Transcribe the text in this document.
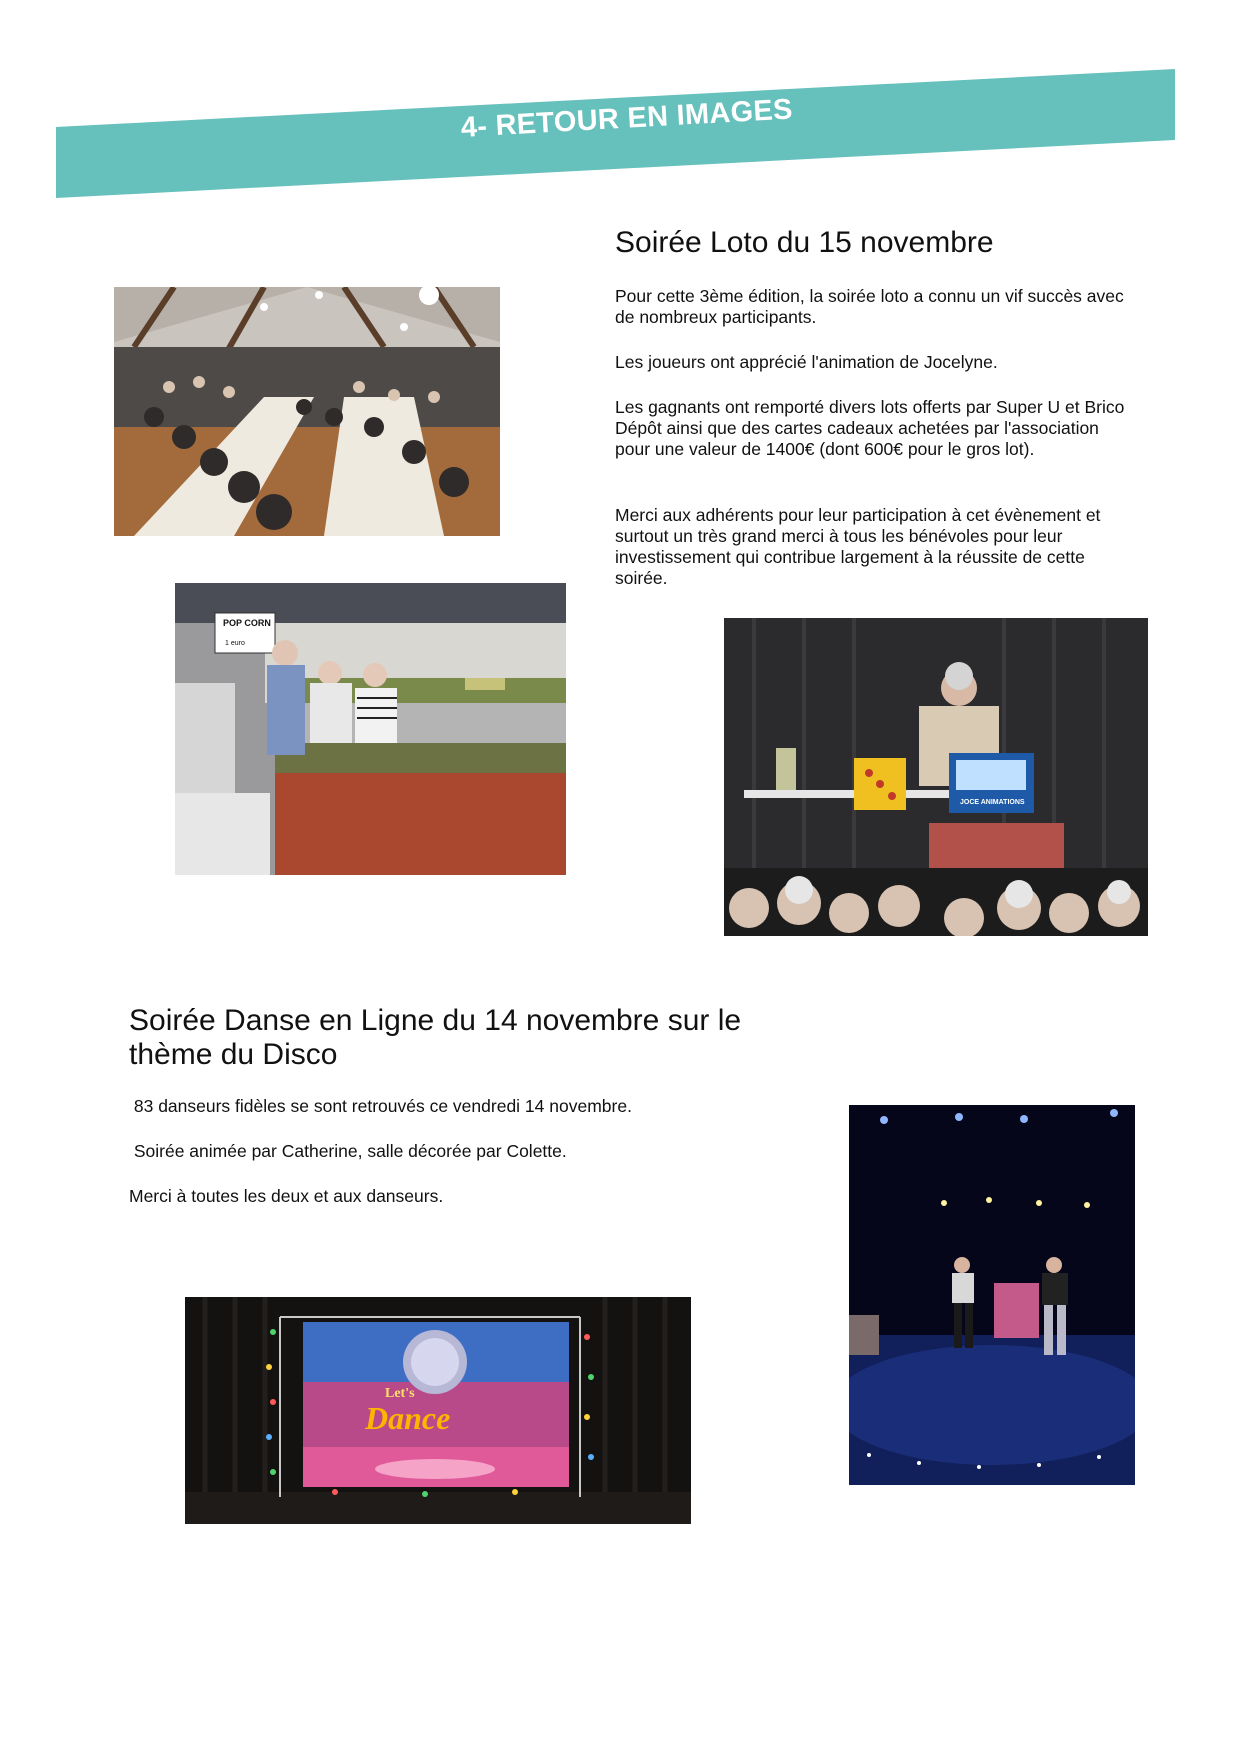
4- RETOUR EN IMAGES
Soirée Loto du 15 novembre

Pour cette 3ème édition, la soirée loto a connu un vif succès avec de nombreux participants.

Les joueurs ont apprécié l'animation de Jocelyne.

Les gagnants ont remporté divers lots offerts par Super U et Brico Dépôt ainsi que des cartes cadeaux achetées par l'association pour une valeur de 1400€ (dont 600€ pour le gros lot).

Merci aux adhérents pour leur participation à cet évènement et surtout un très grand merci à tous les bénévoles pour leur investissement qui contribue largement à la réussite de cette soirée.

POP CORN
1 euro
JOCE ANIMATIONS
Soirée Danse en Ligne du 14 novembre sur le thème du Disco

83 danseurs fidèles se sont retrouvés ce vendredi 14 novembre.

Soirée animée par Catherine, salle décorée par Colette.

Merci à toutes les deux et aux danseurs.

Let's
Dance
